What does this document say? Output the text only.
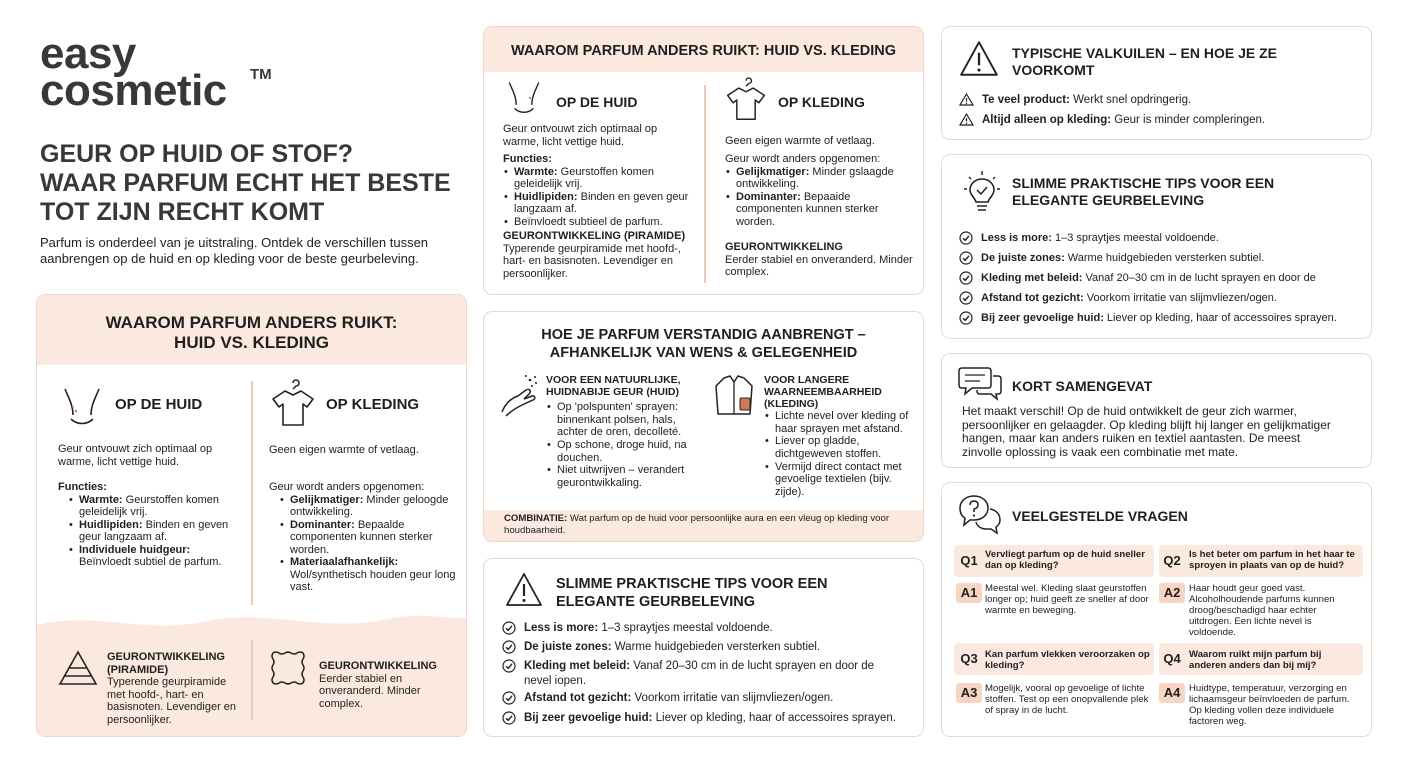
easy
cosmetic TM
GEUR OP HUID OF STOF?
WAAR PARFUM ECHT HET BESTE
TOT ZIJN RECHT KOMT
Parfum is onderdeel van je uitstraling. Ontdek de verschillen tussen
aanbrengen op de huid en op kleding voor de beste geurbeleving.
WAAROM PARFUM ANDERS RUIKT:
HUID VS. KLEDING
OP DE HUID
Geur ontvouwt zich optimaal op warme, licht vettige huid.
Functies:
• Warmte: Geurstoffen komen geleidelijk vrij.
• Huidlipiden: Binden en geven geur langzaam af.
• Individuele huidgeur: Beïnvloedt subtiel de parfum.
OP KLEDING
Geen eigen warmte of vetlaag.
Geur wordt anders opgenomen:
• Gelijkmatiger: Minder geloogde ontwikkeling.
• Dominanter: Bepaalde componenten kunnen sterker worden.
• Materiaalafhankelijk: Wol/synthetisch houden geur long vast.
GEURONTWIKKELING
(PIRAMIDE)
Typerende geurpiramide met hoofd-, hart- en basisnoten. Levendiger en persoonlijker.
GEURONTWIKKELING
Eerder stabiel en onveranderd. Minder complex.
WAAROM PARFUM ANDERS RUIKT: HUID VS. KLEDING
OP DE HUID
Geur ontvouwt zich optimaal op warme, licht vettige huid.
Functies:
• Warmte: Geurstoffen komen geleidelijk vrij.
• Huidlipiden: Binden en geven geur langzaam af.
• Beïnvloedt subtieel de parfum.
GEURONTWIKKELING (PIRAMIDE)
Typerende geurpiramide met hoofd-, hart- en basisnoten. Levendiger en persoonlijker.
OP KLEDING
Geen eigen warmte of vetlaag.
Geur wordt anders opgenomen:
• Gelijkmatiger: Minder gslaagde ontwikkeling.
• Dominanter: Bepaaide componenten kunnen sterker worden.
GEURONTWIKKELING
Eerder stabiel en onveranderd. Minder complex.
HOE JE PARFUM VERSTANDIG AANBRENGT –
AFHANKELIJK VAN WENS & GELEGENHEID
VOOR EEN NATUURLIJKE, HUIDNABIJE GEUR (HUID)
• Op 'polspunten' sprayen: binnenkant polsen, hals, achter de oren, decolleté.
• Op schone, droge huid, na douchen.
• Niet uitwrijven – verandert geurontwikkaling.
VOOR LANGERE WAARNEEMBAARHEID (KLEDING)
• Lichte nevel over kleding of haar sprayen met afstand.
• Liever op gladde, dichtgeweven stoffen.
• Vermijd direct contact met gevoelige textielen (bijv. zijde).
COMBINATIE: Wat parfum op de huid voor persoonlijke aura en een vleug op kleding voor houdbaarheid.
SLIMME PRAKTISCHE TIPS VOOR EEN
ELEGANTE GEURBELEVING
Less is more: 1–3 spraytjes meestal voldoende.
De juiste zones: Warme huidgebieden versterken subtiel.
Kleding met beleid: Vanaf 20–30 cm in de lucht sprayen en door de
nevel iopen.
Afstand tot gezicht: Voorkom irritatie van slijmvliezen/ogen.
Bij zeer gevoelige huid: Liever op kleding, haar of accessoires sprayen.
TYPISCHE VALKUILEN – EN HOE JE ZE
VOORKOMT
Te veel product: Werkt snel opdringerig.
Altijd alleen op kleding: Geur is minder compleringen.
SLIMME PRAKTISCHE TIPS VOOR EEN
ELEGANTE GEURBELEVING
Less is more: 1–3 spraytjes meestal voldoende.
De juiste zones: Warme huidgebieden versterken subtiel.
Kleding met beleid: Vanaf 20–30 cm in de lucht sprayen en door de
Afstand tot gezicht: Voorkom irritatie van slijmvliezen/ogen.
Bij zeer gevoelige huid: Liever op kleding, haar of accessoires sprayen.
KORT SAMENGEVAT
Het maakt verschil! Op de huid ontwikkelt de geur zich warmer,
persoonlijker en gelaagder. Op kleding blijft hij langer en gelijkmatiger
hangen, maar kan anders ruiken en textiel aantasten. De meest
zinvolle oplossing is vaak een combinatie met mate.
VEELGESTELDE VRAGEN
Q1 Vervliegt parfum op de huid sneller dan op kleding?
A1 Meestal wel. Kleding slaat geurstoffen longer op; huid geeft ze sneller af door warmte en beweging.
Q2 Is het beter om parfum in het haar te sproyen in plaats van op de huid?
A2 Haar houdt geur goed vast. Alcoholhoudende parfums kunnen droog/beschadigd haar echter uitdrogen. Een lichte nevel is voldoende.
Q3 Kan parfum vlekken veroorzaken op kleding?
A3 Mogelijk, vooral op gevoelige of lichte stoffen. Test op een onopvallende plek of spray in de lucht.
Q4 Waarom ruikt mijn parfum bij anderen anders dan bij mij?
A4 Huidtype, temperatuur, verzorging en lichaamsgeur beïnvloeden de parfum. Op kleding vollen deze individuele factoren weg.
